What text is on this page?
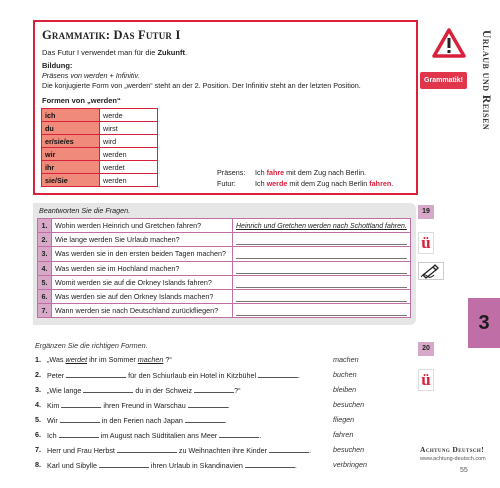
Grammatik: Das Futur I
Das Futur I verwendet man für die Zukunft.
Bildung:
Präsens von werden + Infinitiv.
Die konjugierte Form von „werden“ steht an der 2. Position. Der Infinitiv steht an der letzten Position.
Formen von „werden“
ich	werde
du	wirst
er/sie/es	wird
wir	werden
ihr	werdet
sie/Sie	werden
Präsens: Ich fahre mit dem Zug nach Berlin.
Futur:	Ich werde mit dem Zug nach Berlin fahren.
Grammatik!	Urlaub und Reisen
3
Beantworten Sie die Fragen.
1.	Wohin werden Heinrich und Gretchen fahren?	Heinrich und Gretchen werden nach Schottland fahren.
2.	Wie lange werden Sie Urlaub machen?	

3.	Was werden sie in den ersten beiden Tagen machen?	

4.	Was werden sie im Hochland machen?	

5.	Womit werden sie auf die Orkney Islands fahren?	

6.	Was werden sie auf den Orkney Islands machen?	

7.	Wann werden sie nach Deutschland zurückfliegen?	
19
ü
Ergänzen Sie die richtigen Formen.
1. „Was werdet ihr im Sommer machen ?“	machen
2. Peter	für den Schiurlaub ein Hotel in Kitzbühel	.	buchen
3. „Wie lange	du in der Schweiz	?“	bleiben
4. Kim	ihren Freund in Warschau	.	besuchen
5. Wir	in den Ferien nach Japan	.	fliegen
6. Ich	im August nach Südtitalien ans Meer	.	fahren
7. Herr und Frau Herbst	zu Weihnachten ihre Kinder	.	besuchen
8. Karl und Sibylle	ihren Urlaub in Skandinavien	.	verbringen
20
ü
Achtung Deutsch!
www.achtung-deutsch.com
55
